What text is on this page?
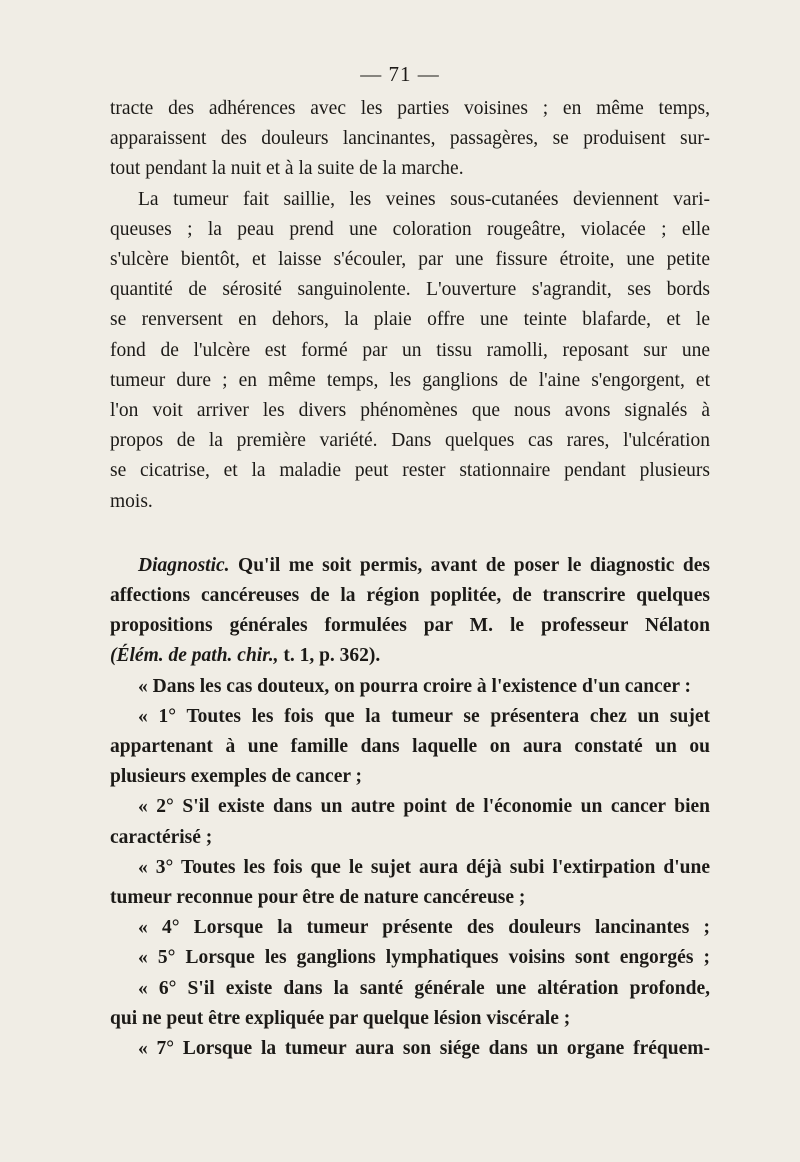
— 71 —
tracte des adhérences avec les parties voisines ; en même temps,
apparaissent des douleurs lancinantes, passagères, se produisent sur-
tout pendant la nuit et à la suite de la marche.
La tumeur fait saillie, les veines sous-cutanées deviennent vari-
queuses ; la peau prend une coloration rougeâtre, violacée ; elle
s'ulcère bientôt, et laisse s'écouler, par une fissure étroite, une petite
quantité de sérosité sanguinolente. L'ouverture s'agrandit, ses bords
se renversent en dehors, la plaie offre une teinte blafarde, et le
fond de l'ulcère est formé par un tissu ramolli, reposant sur une
tumeur dure ; en même temps, les ganglions de l'aine s'engorgent, et
l'on voit arriver les divers phénomènes que nous avons signalés à
propos de la première variété. Dans quelques cas rares, l'ulcération
se cicatrise, et la maladie peut rester stationnaire pendant plusieurs
mois.
Diagnostic. Qu'il me soit permis, avant de poser le diagnostic des
affections cancéreuses de la région poplitée, de transcrire quelques
propositions générales formulées par M. le professeur Nélaton
(Élém. de path. chir., t. 1, p. 362).
« Dans les cas douteux, on pourra croire à l'existence d'un cancer :
« 1° Toutes les fois que la tumeur se présentera chez un sujet
appartenant à une famille dans laquelle on aura constaté un ou
plusieurs exemples de cancer ;
« 2° S'il existe dans un autre point de l'économie un cancer bien
caractérisé ;
« 3° Toutes les fois que le sujet aura déjà subi l'extirpation d'une
tumeur reconnue pour être de nature cancéreuse ;
« 4° Lorsque la tumeur présente des douleurs lancinantes ;
« 5° Lorsque les ganglions lymphatiques voisins sont engorgés ;
« 6° S'il existe dans la santé générale une altération profonde,
qui ne peut être expliquée par quelque lésion viscérale ;
« 7° Lorsque la tumeur aura son siége dans un organe fréquem-
